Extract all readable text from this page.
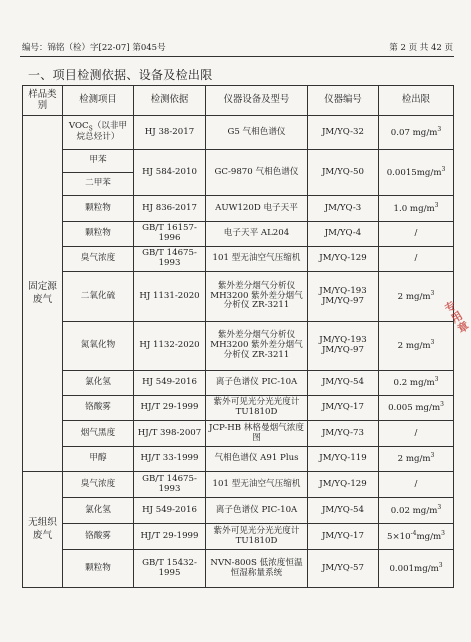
编号：锦铭（检）字[22-07] 第045号	第 2 页 共 42 页
一、项目检测依据、设备及检出限
样品类别	检测项目	检测依据	仪器设备及型号	仪器编号	检出限
固定源废气	$VOC_S$（以非甲烷总烃计）	HJ 38-2017	G5 气相色谱仪	JM/YQ-32	0.07 $mg/m^3$
	甲苯	HJ 584-2010	GC-9870 气相色谱仪	JM/YQ-50	$0.0015mg/m^3$
	二甲苯				
	颗粒物	HJ 836-2017	AUW120D 电子天平	JM/YQ-3	1.0 $mg/m^3$
	颗粒物	GB/T 16157-1996	电子天平 AL204	JM/YQ-4	/
	臭气浓度	GB/T 14675-1993	101 型无油空气压缩机	JM/YQ-129	/
	二氧化硫	HJ 1131-2020	紫外差分烟气分析仪 MH3200 紫外差分烟气分析仪 ZR-3211	JM/YQ-193 JM/YQ-97	2 $mg/m^3$
	氮氧化物	HJ 1132-2020	紫外差分烟气分析仪 MH3200 紫外差分烟气分析仪 ZR-3211	JM/YQ-193 JM/YQ-97	2 $mg/m^3$
	氯化氢	HJ 549-2016	离子色谱仪 PIC-10A	JM/YQ-54	0.2 $mg/m^3$
	铬酸雾	HJ/T 29-1999	紫外可见光分光光度计 TU1810D	JM/YQ-17	0.005 $mg/m^3$
	烟气黑度	HJ/T 398-2007	JCP-HB 林格曼烟气浓度图	JM/YQ-73	/
	甲醇	HJ/T 33-1999	气相色谱仪 A91 Plus	JM/YQ-119	2 $mg/m^3$
无组织废气	臭气浓度	GB/T 14675-1993	101 型无油空气压缩机	JM/YQ-129	/
	氯化氢	HJ 549-2016	离子色谱仪 PIC-10A	JM/YQ-54	0.02 $mg/m^3$
	铬酸雾	HJ/T 29-1999	紫外可见光分光光度计 TU1810D	JM/YQ-17	$5\times 10^{-4}mg/m^3$
	颗粒物	GB/T 15432-1995	NVN-800S 低浓度恒温恒湿称量系统	JM/YQ-57	$0.001mg/m^3$
专用章
